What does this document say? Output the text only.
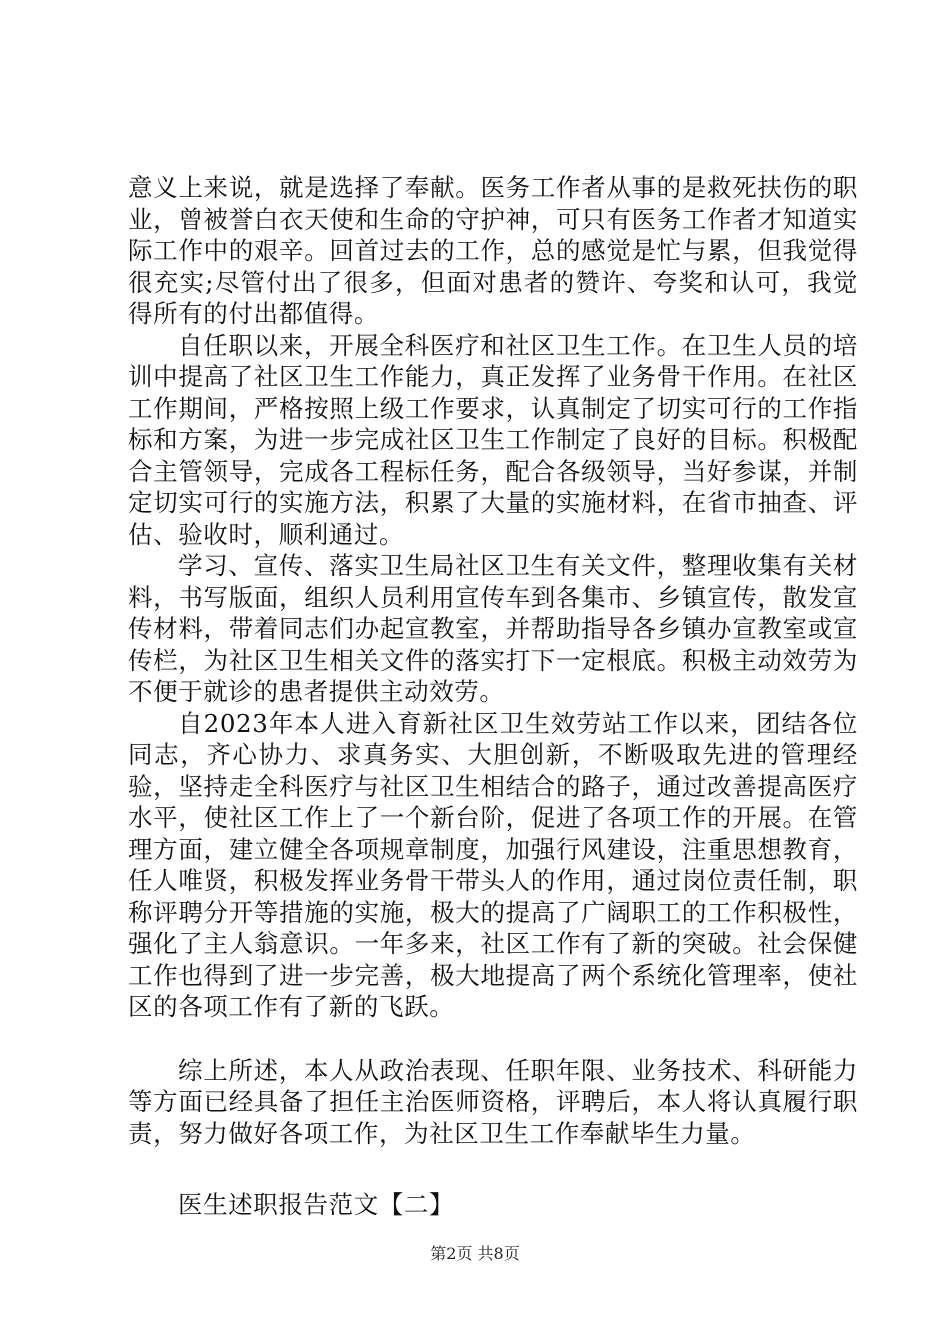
意义上来说，就是选择了奉献。医务工作者从事的是救死扶伤的职业，曾被誉白衣天使和生命的守护神，可只有医务工作者才知道实际工作中的艰辛。回首过去的工作，总的感觉是忙与累，但我觉得很充实;尽管付出了很多，但面对患者的赞许、夸奖和认可，我觉得所有的付出都值得。

自任职以来，开展全科医疗和社区卫生工作。在卫生人员的培训中提高了社区卫生工作能力，真正发挥了业务骨干作用。在社区工作期间，严格按照上级工作要求，认真制定了切实可行的工作指标和方案，为进一步完成社区卫生工作制定了良好的目标。积极配合主管领导，完成各工程标任务，配合各级领导，当好参谋，并制定切实可行的实施方法，积累了大量的实施材料，在省市抽查、评估、验收时，顺利通过。

学习、宣传、落实卫生局社区卫生有关文件，整理收集有关材料，书写版面，组织人员利用宣传车到各集市、乡镇宣传，散发宣传材料，带着同志们办起宣教室，并帮助指导各乡镇办宣教室或宣传栏，为社区卫生相关文件的落实打下一定根底。积极主动效劳为不便于就诊的患者提供主动效劳。

自2023年本人进入育新社区卫生效劳站工作以来，团结各位同志，齐心协力、求真务实、大胆创新，不断吸取先进的管理经验，坚持走全科医疗与社区卫生相结合的路子，通过改善提高医疗水平，使社区工作上了一个新台阶，促进了各项工作的开展。在管理方面，建立健全各项规章制度，加强行风建设，注重思想教育，任人唯贤，积极发挥业务骨干带头人的作用，通过岗位责任制，职称评聘分开等措施的实施，极大的提高了广阔职工的工作积极性，强化了主人翁意识。一年多来，社区工作有了新的突破。社会保健工作也得到了进一步完善，极大地提高了两个系统化管理率，使社区的各项工作有了新的飞跃。

综上所述，本人从政治表现、任职年限、业务技术、科研能力等方面已经具备了担任主治医师资格，评聘后，本人将认真履行职责，努力做好各项工作，为社区卫生工作奉献毕生力量。

医生述职报告范文【二】

第2页 共8页
